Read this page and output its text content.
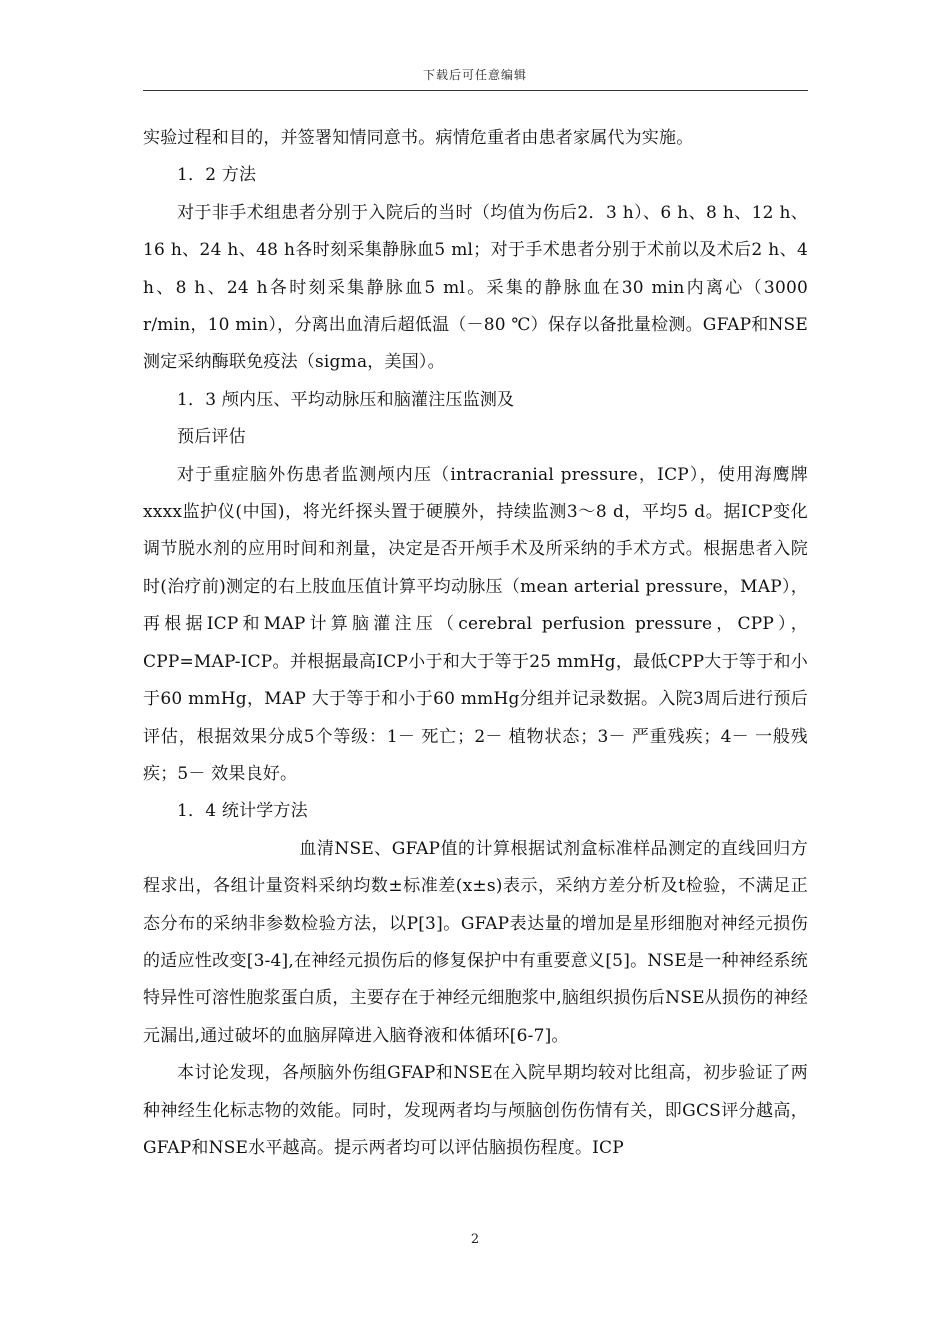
下载后可任意编辑

实验过程和目的，并签署知情同意书。病情危重者由患者家属代为实施。

1．2 方法

对于非手术组患者分别于入院后的当时（均值为伤后2．3 h）、6 h、8 h、12 h、16 h、24 h、48 h各时刻采集静脉血5 ml；对于手术患者分别于术前以及术后2 h、4 h、8 h、24 h各时刻采集静脉血5 ml。采集的静脉血在30 min内离心（3000 r/min，10 min），分离出血清后超低温（－80 ℃）保存以备批量检测。GFAP和NSE测定采纳酶联免疫法（sigma，美国）。

1．3 颅内压、平均动脉压和脑灌注压监测及

预后评估

对于重症脑外伤患者监测颅内压（intracranial pressure，ICP），使用海鹰牌xxxx监护仪(中国)，将光纤探头置于硬膜外，持续监测3～8 d，平均5 d。据ICP变化调节脱水剂的应用时间和剂量，决定是否开颅手术及所采纳的手术方式。根据患者入院时(治疗前)测定的右上肢血压值计算平均动脉压（mean arterial pressure，MAP），再根据ICP和MAP计算脑灌注压（cerebral perfusion pressure，CPP），CPP=MAP-ICP。并根据最高ICP小于和大于等于25 mmHg，最低CPP大于等于和小于60 mmHg，MAP 大于等于和小于60 mmHg分组并记录数据。入院3周后进行预后评估，根据效果分成5个等级：1－ 死亡；2－ 植物状态；3－ 严重残疾；4－ 一般残疾；5－ 效果良好。

1．4 统计学方法

血清NSE、GFAP值的计算根据试剂盒标准样品测定的直线回归方程求出，各组计量资料采纳均数±标准差(x±s)表示，采纳方差分析及t检验，不满足正态分布的采纳非参数检验方法，以P[3]。GFAP表达量的增加是星形细胞对神经元损伤的适应性改变[3-4],在神经元损伤后的修复保护中有重要意义[5]。NSE是一种神经系统特异性可溶性胞浆蛋白质，主要存在于神经元细胞浆中,脑组织损伤后NSE从损伤的神经元漏出,通过破坏的血脑屏障进入脑脊液和体循环[6-7]。

本讨论发现，各颅脑外伤组GFAP和NSE在入院早期均较对比组高，初步验证了两种神经生化标志物的效能。同时，发现两者均与颅脑创伤伤情有关，即GCS评分越高，GFAP和NSE水平越高。提示两者均可以评估脑损伤程度。ICP

2
